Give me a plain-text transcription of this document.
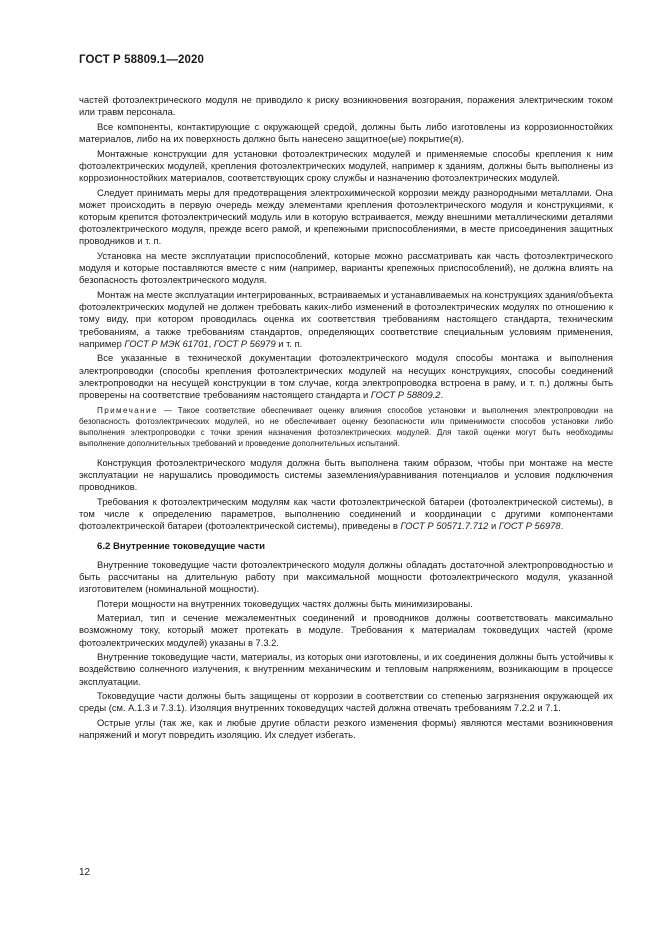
ГОСТ Р 58809.1—2020

частей фотоэлектрического модуля не приводило к риску возникновения возгорания, поражения электрическим током или травм персонала.

Все компоненты, контактирующие с окружающей средой, должны быть либо изготовлены из коррозионностойких материалов, либо на их поверхность должно быть нанесено защитное(ые) покрытие(я).

Монтажные конструкции для установки фотоэлектрических модулей и применяемые способы крепления к ним фотоэлектрических модулей, крепления фотоэлектрических модулей, например к зданиям, должны быть выполнены из коррозионностойких материалов, соответствующих сроку службы и назначению фотоэлектрических модулей.

Следует принимать меры для предотвращения электрохимической коррозии между разнородными металлами. Она может происходить в первую очередь между элементами крепления фотоэлектрического модуля и конструкциями, к которым крепится фотоэлектрический модуль или в которую встраивается, между внешними металлическими деталями фотоэлектрического модуля, прежде всего рамой, и крепежными приспособлениями, в месте присоединения защитных проводников и т. п.

Установка на месте эксплуатации приспособлений, которые можно рассматривать как часть фотоэлектрического модуля и которые поставляются вместе с ним (например, варианты крепежных приспособлений), не должна влиять на безопасность фотоэлектрического модуля.

Монтаж на месте эксплуатации интегрированных, встраиваемых и устанавливаемых на конструкциях здания/объекта фотоэлектрических модулей не должен требовать каких-либо изменений в фотоэлектрических модулях по отношению к тому виду, при котором проводилась оценка их соответствия требованиям настоящего стандарта, техническим требованиям, а также требованиям стандартов, определяющих соответствие специальным условиям применения, например ГОСТ Р МЭК 61701, ГОСТ Р 56979 и т. п.

Все указанные в технической документации фотоэлектрического модуля способы монтажа и выполнения электропроводки (способы крепления фотоэлектрических модулей на несущих конструкциях, способы соединений электропроводки на несущей конструкции в том случае, когда электропроводка встроена в раму, и т. п.) должны быть проверены на соответствие требованиям настоящего стандарта и ГОСТ Р 58809.2.

Примечание — Такое соответствие обеспечивает оценку влияния способов установки и выполнения электропроводки на безопасность фотоэлектрических модулей, но не обеспечивает оценку безопасности или применимости способов установки либо выполнения электропроводки с точки зрения назначения фотоэлектрических модулей. Для такой оценки могут быть необходимы выполнение дополнительных требований и проведение дополнительных испытаний.

Конструкция фотоэлектрического модуля должна быть выполнена таким образом, чтобы при монтаже на месте эксплуатации не нарушались проводимость системы заземления/уравнивания потенциалов и условия подключения проводников.

Требования к фотоэлектрическим модулям как части фотоэлектрической батареи (фотоэлектрической системы), в том числе к определению параметров, выполнению соединений и координации с другими компонентами фотоэлектрической батареи (фотоэлектрической системы), приведены в ГОСТ Р 50571.7.712 и ГОСТ Р 56978.

6.2 Внутренние токоведущие части

Внутренние токоведущие части фотоэлектрического модуля должны обладать достаточной электропроводностью и быть рассчитаны на длительную работу при максимальной мощности фотоэлектрического модуля, указанной изготовителем (номинальной мощности).

Потери мощности на внутренних токоведущих частях должны быть минимизированы.

Материал, тип и сечение межэлементных соединений и проводников должны соответствовать максимально возможному току, который может протекать в модуле. Требования к материалам токоведущих частей (кроме фотоэлектрических модулей) указаны в 7.3.2.

Внутренние токоведущие части, материалы, из которых они изготовлены, и их соединения должны быть устойчивы к воздействию солнечного излучения, к внутренним механическим и тепловым напряжениям, возникающим в процессе эксплуатации.

Токоведущие части должны быть защищены от коррозии в соответствии со степенью загрязнения окружающей их среды (см. А.1.3 и 7.3.1). Изоляция внутренних токоведущих частей должна отвечать требованиям 7.2.2 и 7.1.

Острые углы (так же, как и любые другие области резкого изменения формы) являются местами возникновения напряжений и могут повредить изоляцию. Их следует избегать.

12
